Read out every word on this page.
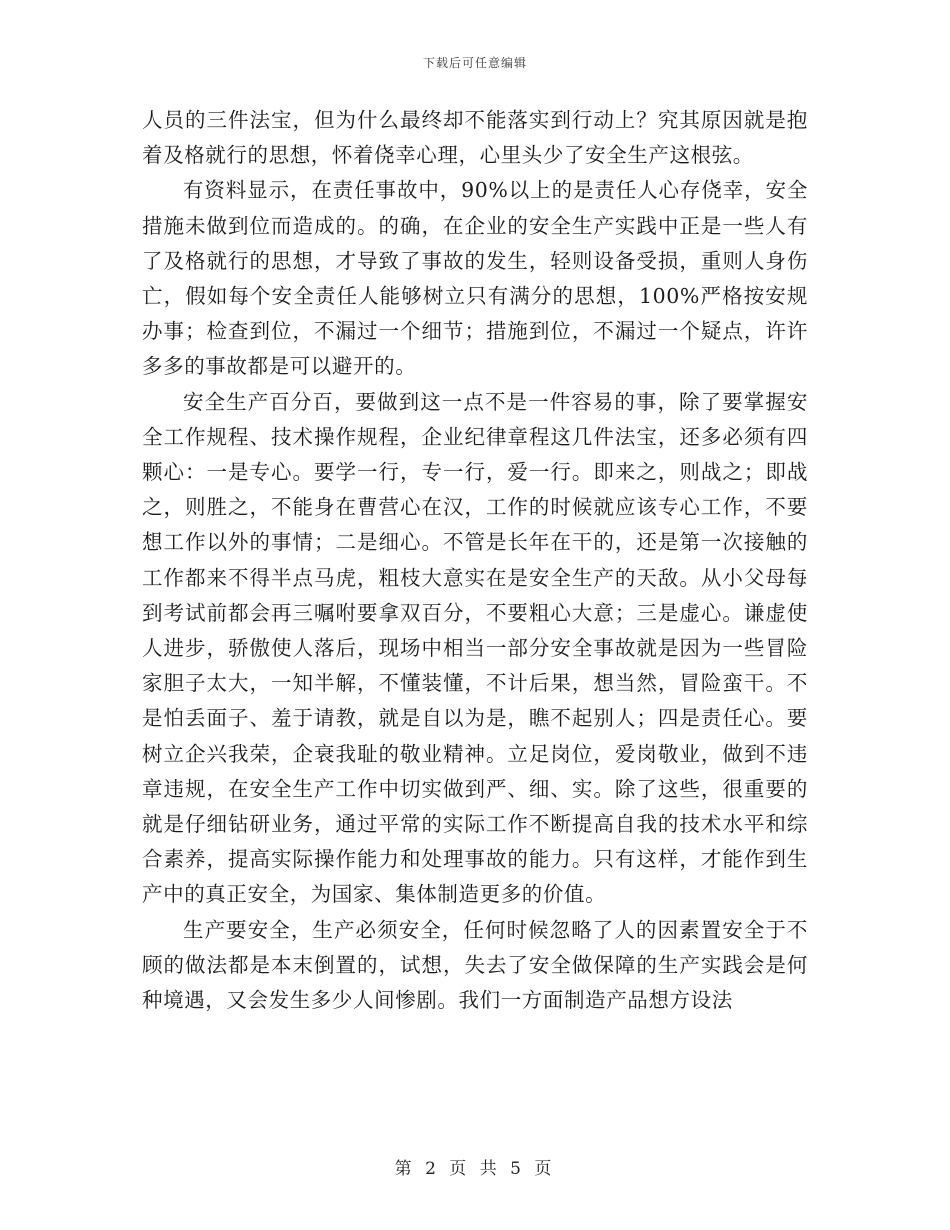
下载后可任意编辑

人员的三件法宝，但为什么最终却不能落实到行动上？究其原因就是抱着及格就行的思想，怀着侥幸心理，心里头少了安全生产这根弦。

有资料显示，在责任事故中，90%以上的是责任人心存侥幸，安全措施未做到位而造成的。的确，在企业的安全生产实践中正是一些人有了及格就行的思想，才导致了事故的发生，轻则设备受损，重则人身伤亡，假如每个安全责任人能够树立只有满分的思想，100%严格按安规办事；检查到位，不漏过一个细节；措施到位，不漏过一个疑点，许许多多的事故都是可以避开的。

安全生产百分百，要做到这一点不是一件容易的事，除了要掌握安全工作规程、技术操作规程，企业纪律章程这几件法宝，还多必须有四颗心：一是专心。要学一行，专一行，爱一行。即来之，则战之；即战之，则胜之，不能身在曹营心在汉，工作的时候就应该专心工作，不要想工作以外的事情；二是细心。不管是长年在干的，还是第一次接触的工作都来不得半点马虎，粗枝大意实在是安全生产的天敌。从小父母每到考试前都会再三嘱咐要拿双百分，不要粗心大意；三是虚心。谦虚使人进步，骄傲使人落后，现场中相当一部分安全事故就是因为一些冒险家胆子太大，一知半解，不懂装懂，不计后果，想当然，冒险蛮干。不是怕丢面子、羞于请教，就是自以为是，瞧不起别人；四是责任心。要树立企兴我荣，企衰我耻的敬业精神。立足岗位，爱岗敬业，做到不违章违规，在安全生产工作中切实做到严、细、实。除了这些，很重要的就是仔细钻研业务，通过平常的实际工作不断提高自我的技术水平和综合素养，提高实际操作能力和处理事故的能力。只有这样，才能作到生产中的真正安全，为国家、集体制造更多的价值。

生产要安全，生产必须安全，任何时候忽略了人的因素置安全于不顾的做法都是本末倒置的，试想，失去了安全做保障的生产实践会是何种境遇，又会发生多少人间惨剧。我们一方面制造产品想方设法

第 2 页 共 5 页
